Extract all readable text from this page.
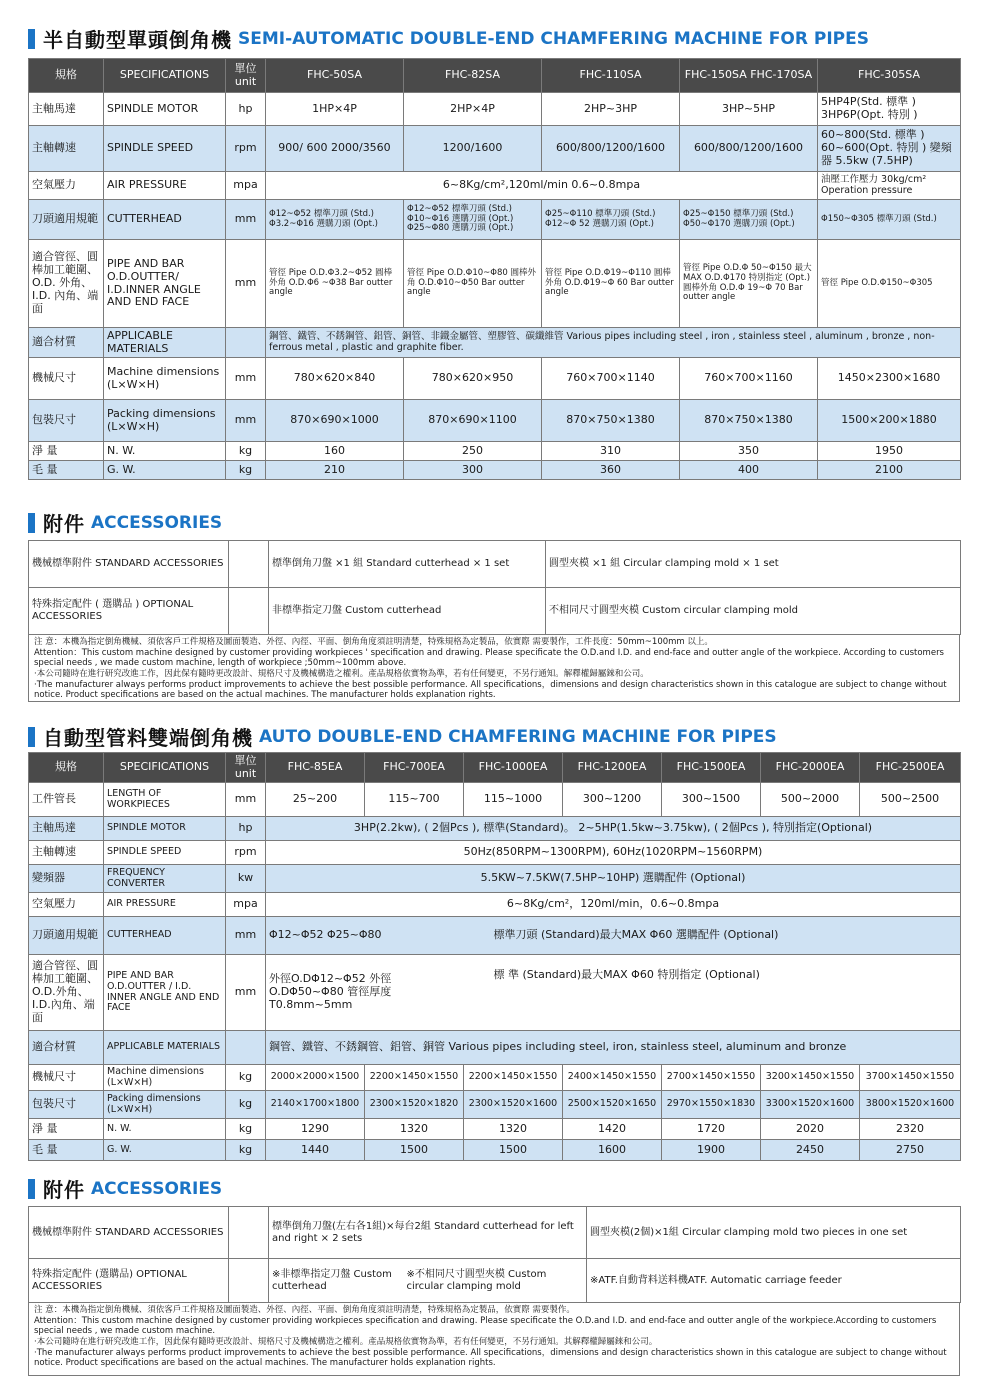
半自動型單頭倒角機 SEMI-AUTOMATIC DOUBLE-END CHAMFERING MACHINE FOR PIPES
規格	SPECIFICATIONS	單位 unit	FHC-50SA	FHC-82SA	FHC-110SA	FHC-150SA FHC-170SA	FHC-305SA
主軸馬達	SPINDLE MOTOR	hp	1HP×4P	2HP×4P	2HP~3HP	3HP~5HP	5HP4P(Std. 標準 ) 3HP6P(Opt. 特別 )
主軸轉速	SPINDLE SPEED	rpm	900/ 600 2000/3560	1200/1600	600/800/1200/1600	600/800/1200/1600	60~800(Std. 標準 ) 60~600(Opt. 特別 ) 變頻器 5.5kw (7.5HP)
空氣壓力	AIR PRESSURE	mpa	6~8Kg/cm²,120ml/min 0.6~0.8mpa				油壓工作壓力 30kg/cm² Operation pressure
刀頭適用規範	CUTTERHEAD	mm	Φ12~Φ52 標準刀頭 (Std.) Φ3.2~Φ16 選購刀頭 (Opt.)	Φ12~Φ52 標準刀頭 (Std.) Φ10~Φ16 選購刀頭 (Opt.) Φ25~Φ80 選購刀頭 (Opt.)	Φ25~Φ110 標準刀頭 (Std.) Φ12~Φ 52 選購刀頭 (Opt.)	Φ25~Φ150 標準刀頭 (Std.) Φ50~Φ170 選購刀頭 (Opt.)	Φ150~Φ305 標準刀頭 (Std.)
適合管徑、圓棒加工範圍、O.D. 外角、I.D. 內角、端面	PIPE AND BAR O.D.OUTTER/ I.D.INNER ANGLE AND END FACE	mm	管徑 Pipe O.D.Φ3.2~Φ52 圓棒外角 O.D.Φ6 ~Φ38 Bar outter angle	管徑 Pipe O.D.Φ10~Φ80 圓棒外角 O.D.Φ10~Φ50 Bar outter angle	管徑 Pipe O.D.Φ19~Φ110 圓棒外角 O.D.Φ19~Φ 60 Bar outter angle	管徑 Pipe O.D.Φ 50~Φ150 最大 MAX O.D.Φ170 特別指定 (Opt.) 圓棒外角 O.D.Φ 19~Φ 70 Bar outter angle	管徑 Pipe O.D.Φ150~Φ305
適合材質	APPLICABLE MATERIALS		鋼管、鐵管、不銹鋼管、鋁管、銅管、非鐵金屬管、塑膠管、碳纖維管 Various pipes including steel , iron , stainless steel , aluminum , bronze , non-ferrous metal , plastic and graphite fiber.				
機械尺寸	Machine dimensions (L×W×H)	mm	780×620×840	780×620×950	760×700×1140	760×700×1160	1450×2300×1680
包裝尺寸	Packing dimensions (L×W×H)	mm	870×690×1000	870×690×1100	870×750×1380	870×750×1380	1500×200×1880
淨 量	N. W.	kg	160	250	310	350	1950
毛 量	G. W.	kg	210	300	360	400	2100
附件 ACCESSORIES
機械標準附件 STANDARD ACCESSORIES		標準倒角刀盤 ×1 組 Standard cutterhead × 1 set	圓型夾模 ×1 組 Circular clamping mold × 1 set
特殊指定配件 ( 選購品 ) OPTIONAL ACCESSORIES		非標準指定刀盤 Custom cutterhead	不相同尺寸圓型夾模 Custom circular clamping mold
注 意：本機為指定倒角機械、須依客戶工件規格及圖面製造、外徑、內徑、平面、倒角角度須註明清楚，特殊規格為定製品，依實際 需要製作，工件長度：50mm~100mm 以上。
Attention：This custom machine designed by customer providing workpieces ' specification and drawing. Please specificate the O.D.and I.D. and end-face and outter angle of the workpiece. According to customers special needs , we made custom machine, length of workpiece ;50mm~100mm above.
·本公司隨時在進行研究改進工作，因此保有隨時更改設計、規格尺寸及機械構造之權利。產品規格依實物為準，若有任何變更，不另行通知。解釋權歸屬錸和公司。
·The manufacturer always performs product improvements to achieve the best possible performance. All specifications，dimensions and design characteristics shown in this catalogue are subject to change without notice. Product specifications are based on the actual machines. The manufacturer holds explanation rights.
自動型管料雙端倒角機 AUTO DOUBLE-END CHAMFERING MACHINE FOR PIPES
規格	SPECIFICATIONS	單位 unit	FHC-85EA	FHC-700EA	FHC-1000EA	FHC-1200EA	FHC-1500EA	FHC-2000EA	FHC-2500EA
工件管長	LENGTH OF WORKPIECES	mm	25~200	115~700	115~1000	300~1200	300~1500	500~2000	500~2500
主軸馬達	SPINDLE MOTOR	hp	3HP(2.2kw), ( 2個Pcs ), 標準(Standard)。 2~5HP(1.5kw~3.75kw), ( 2個Pcs ), 特別指定(Optional)						
主軸轉速	SPINDLE SPEED	rpm	50Hz(850RPM~1300RPM), 60Hz(1020RPM~1560RPM)						
變頻器	FREQUENCY CONVERTER	kw	5.5KW~7.5KW(7.5HP~10HP) 選購配件 (Optional)						
空氣壓力	AIR PRESSURE	mpa	6~8Kg/cm²，120ml/min，0.6~0.8mpa						
刀頭適用規範	CUTTERHEAD	mm	Φ12~Φ52 Φ25~Φ80		標準刀頭 (Standard)最大MAX Φ60 選購配件 (Optional)				
適合管徑、圓棒加工範圍、O.D.外角、I.D.內角、端面	PIPE AND BAR O.D.OUTTER / I.D. INNER ANGLE AND END FACE	mm	外徑O.DΦ12~Φ52 外徑O.DΦ50~Φ80 管徑厚度 T0.8mm~5mm		標 準 (Standard)最大MAX Φ60 特別指定 (Optional)				
適合材質	APPLICABLE MATERIALS		鋼管、鐵管、不銹鋼管、鋁管、銅管 Various pipes including steel, iron, stainless steel, aluminum and bronze						
機械尺寸	Machine dimensions (L×W×H)	kg	2000×2000×1500	2200×1450×1550	2200×1450×1550	2400×1450×1550	2700×1450×1550	3200×1450×1550	3700×1450×1550
包裝尺寸	Packing dimensions (L×W×H)	kg	2140×1700×1800	2300×1520×1820	2300×1520×1600	2500×1520×1650	2970×1550×1830	3300×1520×1600	3800×1520×1600
淨 量	N. W.	kg	1290	1320	1320	1420	1720	2020	2320
毛 量	G. W.	kg	1440	1500	1500	1600	1900	2450	2750
附件 ACCESSORIES
機械標準附件 STANDARD ACCESSORIES		標準倒角刀盤(左右各1組)×每台2組 Standard cutterhead for left and right × 2 sets		圓型夾模(2個)×1組 Circular clamping mold two pieces in one set
特殊指定配件 (選購品) OPTIONAL ACCESSORIES		※非標準指定刀盤 Custom cutterhead	※不相同尺寸圓型夾模 Custom circular clamping mold	※ATF.自動背料送料機ATF. Automatic carriage feeder
注 意：本機為指定倒角機械、須依客戶工件規格及圖面製造、外徑、內徑、平面、倒角角度須註明清楚，特殊規格為定製品，依實際 需要製作。
Attention：This custom machine designed by customer providing workpieces specification and drawing. Please specificate the O.D.and I.D. and end-face and outter angle of the workpiece.According to customers special needs , we made custom machine.
·本公司隨時在進行研究改進工作，因此保有隨時更改設計、規格尺寸及機械構造之權利。產品規格依實物為準，若有任何變更，不另行通知。其解釋權歸屬錸和公司。
·The manufacturer always performs product improvements to achieve the best possible performance. All specifications，dimensions and design characteristics shown in this catalogue are subject to change without notice. Product specifications are based on the actual machines. The manufacturer holds explanation rights.
